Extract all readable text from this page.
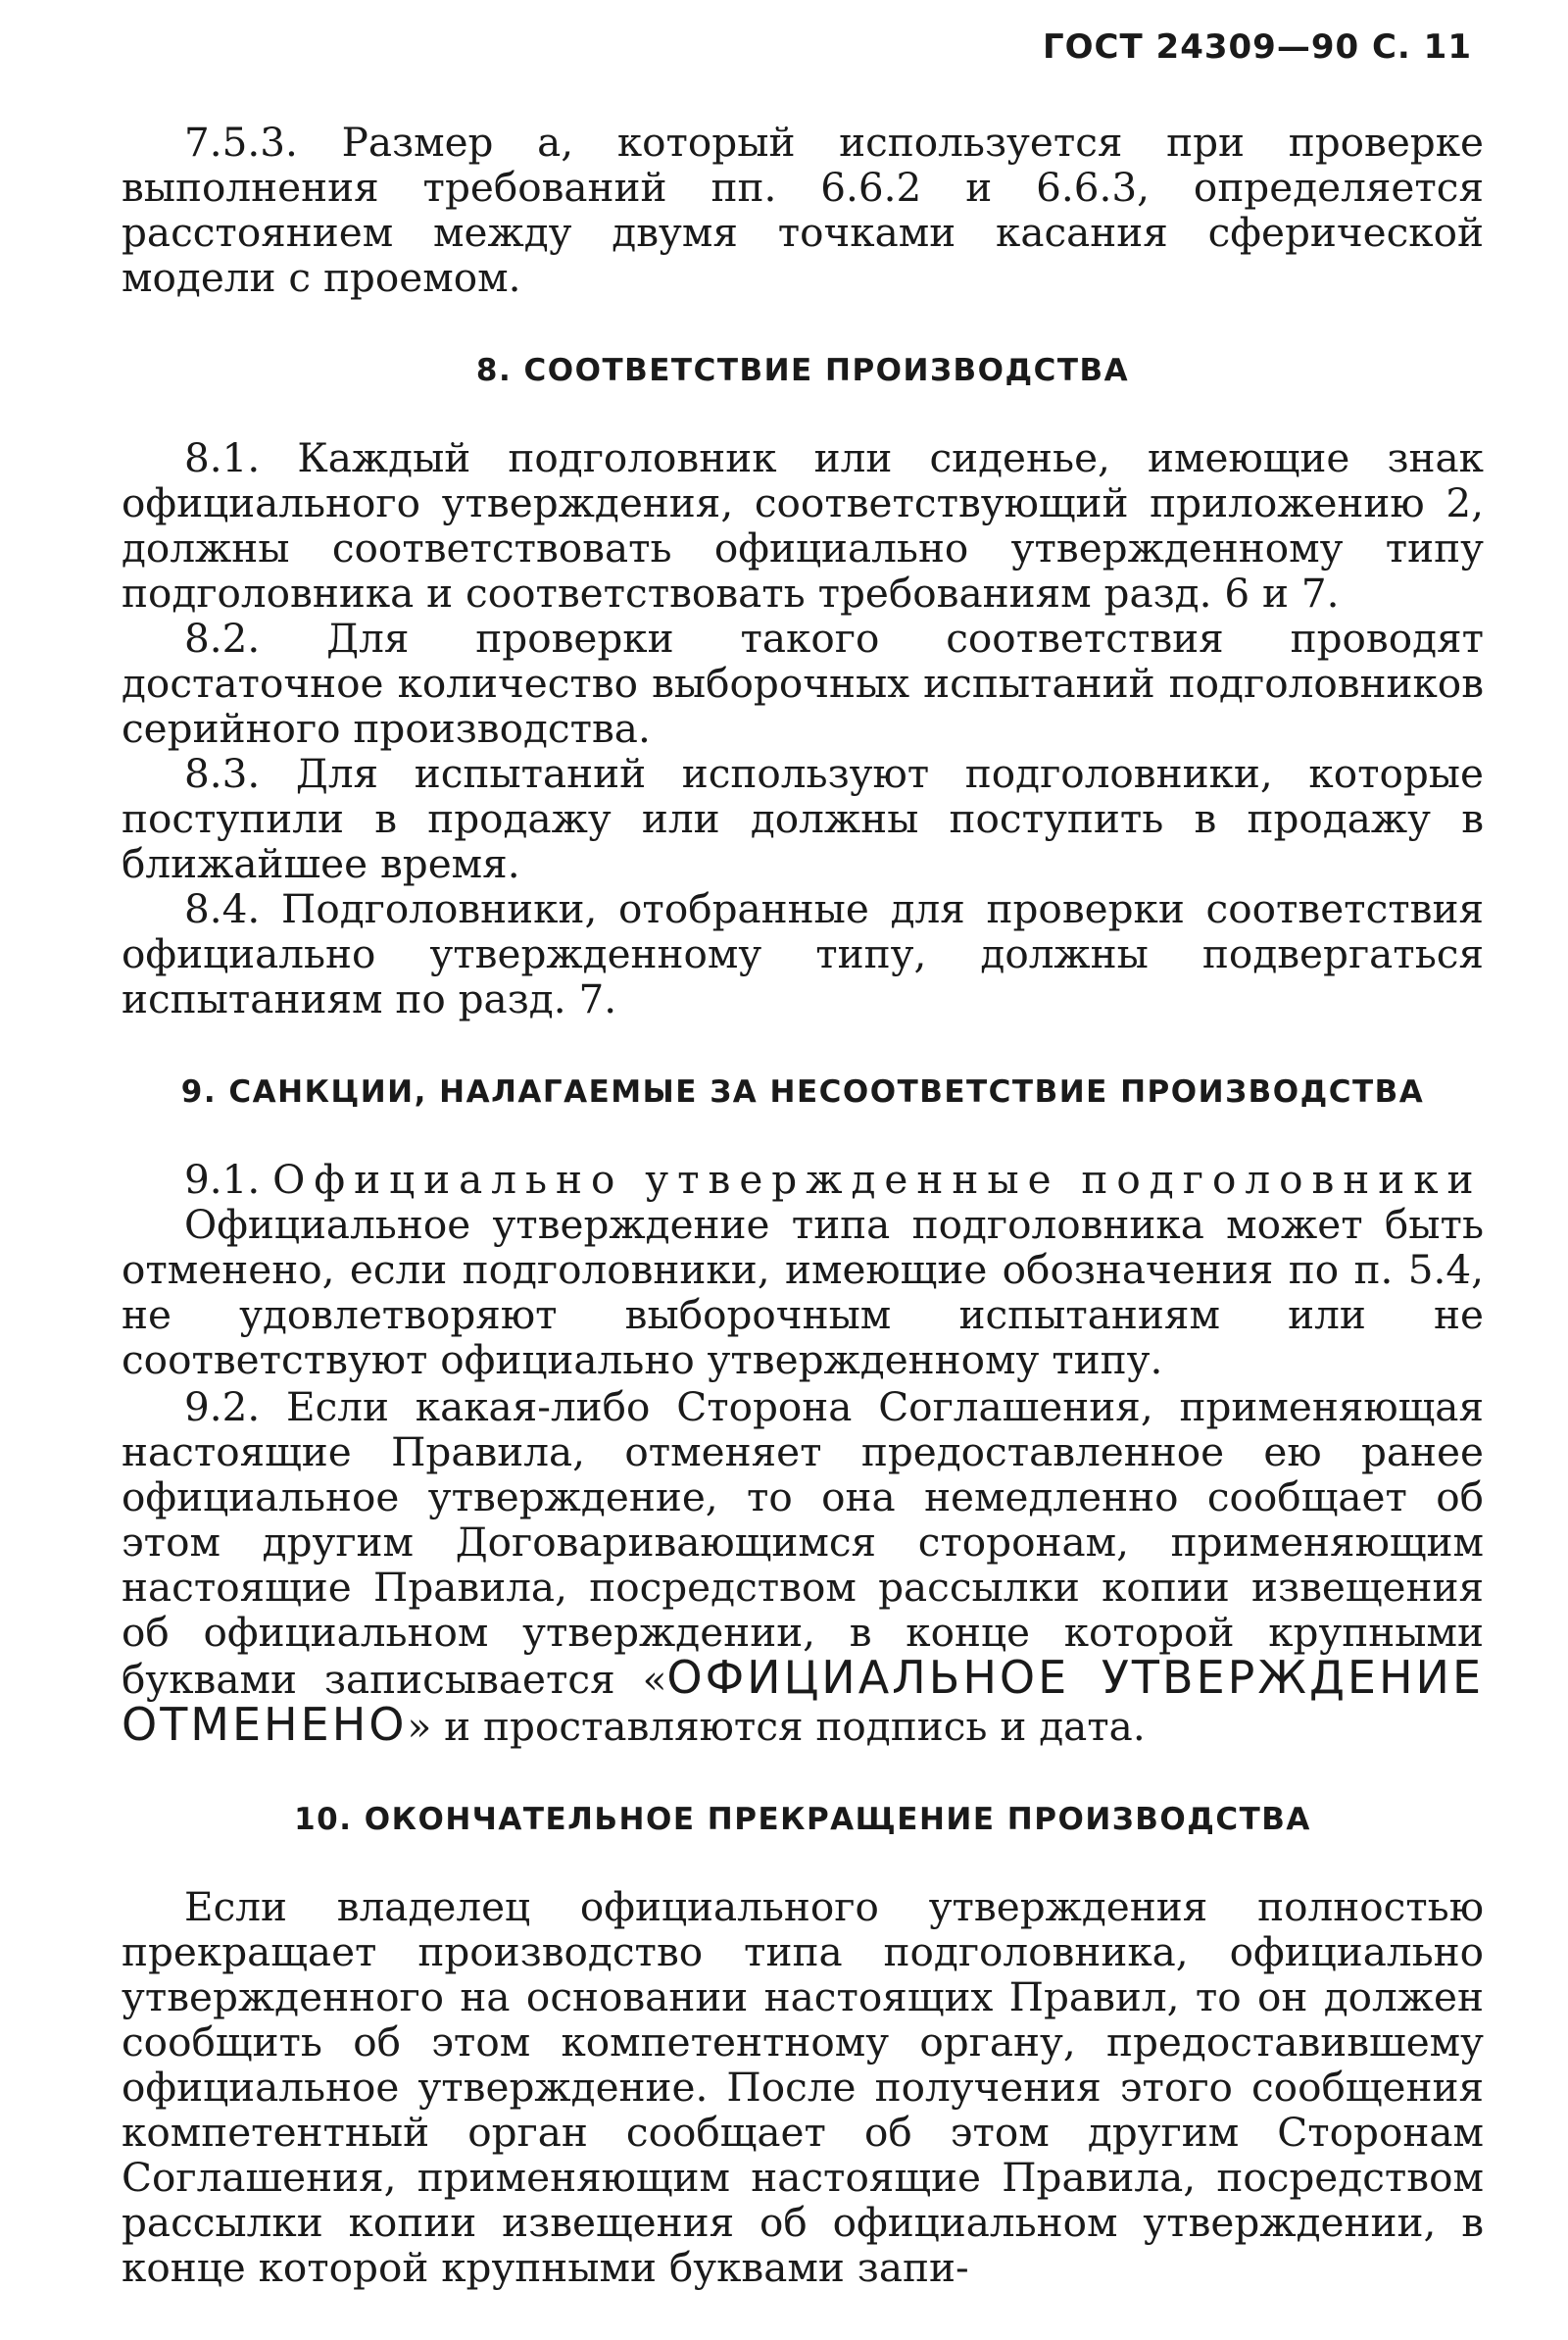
ГОСТ 24309—90 С. 11

7.5.3. Размер a, который используется при проверке выполнения требований пп. 6.6.2 и 6.6.3, определяется расстоянием между двумя точками касания сферической модели с проемом.

8. СООТВЕТСТВИЕ ПРОИЗВОДСТВА

8.1. Каждый подголовник или сиденье, имеющие знак официального утверждения, соответствующий приложению 2, должны соответствовать официально утвержденному типу подголовника и соответствовать требованиям разд. 6 и 7.

8.2. Для проверки такого соответствия проводят достаточное количество выборочных испытаний подголовников серийного производства.

8.3. Для испытаний используют подголовники, которые поступили в продажу или должны поступить в продажу в ближайшее время.

8.4. Подголовники, отобранные для проверки соответствия официально утвержденному типу, должны подвергаться испытаниям по разд. 7.

9. САНКЦИИ, НАЛАГАЕМЫЕ ЗА НЕСООТВЕТСТВИЕ ПРОИЗВОДСТВА

9.1. Официально утвержденные подголовники

Официальное утверждение типа подголовника может быть отменено, если подголовники, имеющие обозначения по п. 5.4, не удовлетворяют выборочным испытаниям или не соответствуют официально утвержденному типу.

9.2. Если какая-либо Сторона Соглашения, применяющая настоящие Правила, отменяет предоставленное ею ранее официальное утверждение, то она немедленно сообщает об этом другим Договаривающимся сторонам, применяющим настоящие Правила, посредством рассылки копии извещения об официальном утверждении, в конце которой крупными буквами записывается «ОФИЦИАЛЬНОЕ УТВЕРЖДЕНИЕ ОТМЕНЕНО» и проставляются подпись и дата.

10. ОКОНЧАТЕЛЬНОЕ ПРЕКРАЩЕНИЕ ПРОИЗВОДСТВА

Если владелец официального утверждения полностью прекращает производство типа подголовника, официально утвержденного на основании настоящих Правил, то он должен сообщить об этом компетентному органу, предоставившему официальное утверждение. После получения этого сообщения компетентный орган сообщает об этом другим Сторонам Соглашения, применяющим настоящие Правила, посредством рассылки копии извещения об официальном утверждении, в конце которой крупными буквами запи-
